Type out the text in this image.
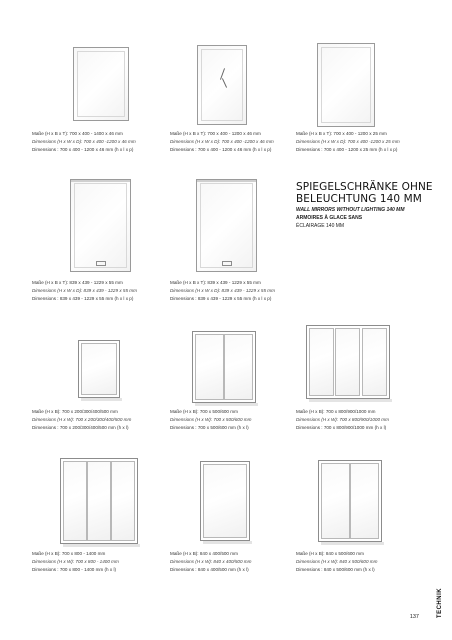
Maße (H x B x T): 700 x 400 - 1400 x 46 mm
Dimensions (H x W x D): 700 x 400 -1200 x 46 mm
Dimensions : 700 x 400 - 1200 x 46 mm (h x l x p)
Maße (H x B x T): 700 x 400 - 1200 x 46 mm
Dimensions (H x W x D): 700 x 400 -1200 x 46 mm
Dimensions : 700 x 400 - 1200 x 46 mm (h x l x p)
Maße (H x B x T): 700 x 400 - 1200 x 25 mm
Dimensions (H x W x D): 700 x 400 -1200 x 25 mm
Dimensions : 700 x 400 - 1200 x 25 mm (h x l x p)
SPIEGELSCHRÄNKE OHNE BELEUCHTUNG 140 MM
WALL MIRRORS WITHOUT LIGHTING 140 MM
ARMOIRES À GLACE SANS
ÉCLAIRAGE 140 MM
Maße (H x B x T): 839 x 439 - 1229 x 55 mm
Dimensions (H x W x D): 839 x 439 - 1229 x 55 mm
Dimensions : 839 x 439 - 1229 x 55 mm (h x l x p)
Maße (H x B x T): 839 x 439 - 1229 x 55 mm
Dimensions (H x W x D): 839 x 439 - 1229 x 55 mm
Dimensions : 839 x 439 - 1229 x 55 mm (h x l x p)
Maße (H x B): 700 x 200/300/400/500 mm
Dimensions (H x W): 700 x 200/300/400/500 mm
Dimensions : 700 x 200/300/400/500 mm (h x l)
Maße (H x B): 700 x 500/600 mm
Dimensions (H x W): 700 x 500/600 mm
Dimensions : 700 x 500/600 mm (h x l)
Maße (H x B): 700 x 800/900/1000 mm
Dimensions (H x W): 700 x 800/900/1000 mm
Dimensions : 700 x 800/900/1000 mm (h x l)
Maße (H x B): 700 x 800 - 1400 mm
Dimensions (H x W): 700 x 800 - 1400 mm
Dimensions : 700 x 800 - 1400 mm (h x l)
Maße (H x B): 840 x 400/500 mm
Dimensions (H x W): 840 x 400/500 mm
Dimensions : 840 x 400/500 mm (h x l)
Maße (H x B): 840 x 500/600 mm
Dimensions (H x W): 840 x 500/600 mm
Dimensions : 840 x 500/600 mm (h x l)
137	TECHNIK
